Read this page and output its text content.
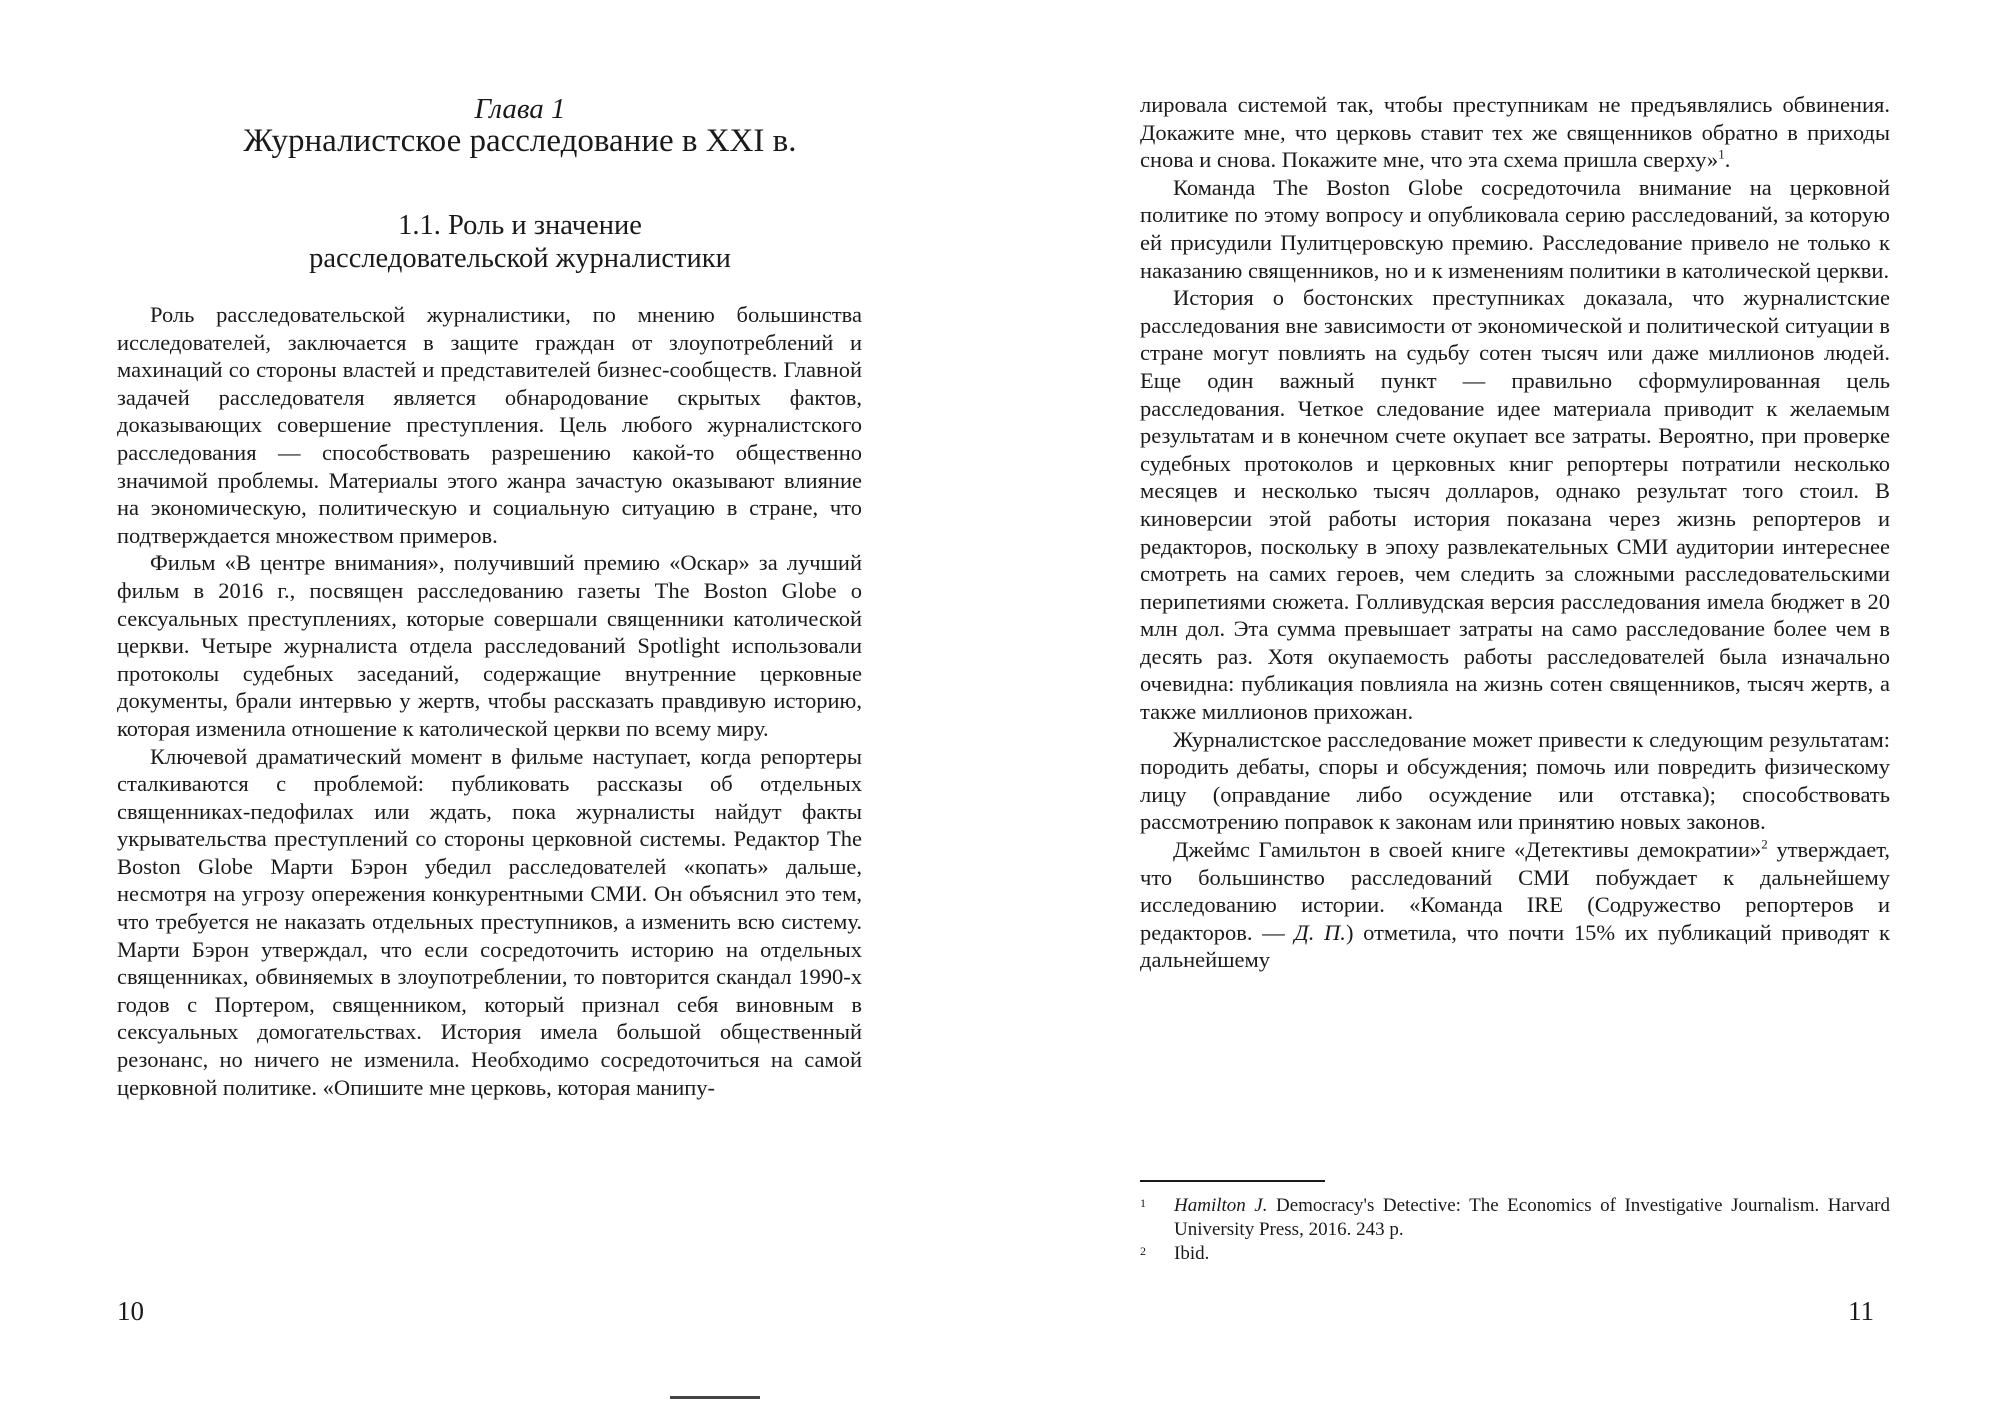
Глава 1
Журналистское расследование в XXI в.
1.1. Роль и значение
расследовательской журналистики

Роль расследовательской журналистики, по мнению большинства исследователей, заключается в защите граждан от злоупотреблений и махинаций со стороны властей и представителей бизнес-сообществ. Главной задачей расследователя является обнародование скрытых фактов, доказывающих совершение преступления. Цель любого журналистского расследования — способствовать разрешению какой-то общественно значимой проблемы. Материалы этого жанра зачастую оказывают влияние на экономическую, политическую и социальную ситуацию в стране, что подтверждается множеством примеров.

Фильм «В центре внимания», получивший премию «Оскар» за лучший фильм в 2016 г., посвящен расследованию газеты The Boston Globe о сексуальных преступлениях, которые совершали священники католической церкви. Четыре журналиста отдела расследований Spotlight использовали протоколы судебных заседаний, содержащие внутренние церковные документы, брали интервью у жертв, чтобы рассказать правдивую историю, которая изменила отношение к католической церкви по всему миру.

Ключевой драматический момент в фильме наступает, когда репортеры сталкиваются с проблемой: публиковать рассказы об отдельных священниках-педофилах или ждать, пока журналисты найдут факты укрывательства преступлений со стороны церковной системы. Редактор The Boston Globe Марти Бэрон убедил расследователей «копать» дальше, несмотря на угрозу опережения конкурентными СМИ. Он объяснил это тем, что требуется не наказать отдельных преступников, а изменить всю систему. Марти Бэрон утверждал, что если сосредоточить историю на отдельных священниках, обвиняемых в злоупотреблении, то повторится скандал 1990-х годов с Портером, священником, который признал себя виновным в сексуальных домогательствах. История имела большой общественный резонанс, но ничего не изменила. Необходимо сосредоточиться на самой церковной политике. «Опишите мне церковь, которая манипу-

10

лировала системой так, чтобы преступникам не предъявлялись обвинения. Докажите мне, что церковь ставит тех же священников обратно в приходы снова и снова. Покажите мне, что эта схема пришла сверху»$^1$.

Команда The Boston Globe сосредоточила внимание на церковной политике по этому вопросу и опубликовала серию расследований, за которую ей присудили Пулитцеровскую премию. Расследование привело не только к наказанию священников, но и к изменениям политики в католической церкви.

История о бостонских преступниках доказала, что журналистские расследования вне зависимости от экономической и политической ситуации в стране могут повлиять на судьбу сотен тысяч или даже миллионов людей. Еще один важный пункт — правильно сформулированная цель расследования. Четкое следование идее материала приводит к желаемым результатам и в конечном счете окупает все затраты. Вероятно, при проверке судебных протоколов и церковных книг репортеры потратили несколько месяцев и несколько тысяч долларов, однако результат того стоил. В киноверсии этой работы история показана через жизнь репортеров и редакторов, поскольку в эпоху развлекательных СМИ аудитории интереснее смотреть на самих героев, чем следить за сложными расследовательскими перипетиями сюжета. Голливудская версия расследования имела бюджет в 20 млн дол. Эта сумма превышает затраты на само расследование более чем в десять раз. Хотя окупаемость работы расследователей была изначально очевидна: публикация повлияла на жизнь сотен священников, тысяч жертв, а также миллионов прихожан.

Журналистское расследование может привести к следующим результатам: породить дебаты, споры и обсуждения; помочь или повредить физическому лицу (оправдание либо осуждение или отставка); способствовать рассмотрению поправок к законам или принятию новых законов.

Джеймс Гамильтон в своей книге «Детективы демократии»$^2$ утверждает, что большинство расследований СМИ побуждает к дальнейшему исследованию истории. «Команда IRE (Содружество репортеров и редакторов. — Д. П.) отметила, что почти 15% их публикаций приводят к дальнейшему

1	Hamilton J. Democracy's Detective: The Economics of Investigative Journalism. Harvard University Press, 2016. 243 p.
2	Ibid.
11
